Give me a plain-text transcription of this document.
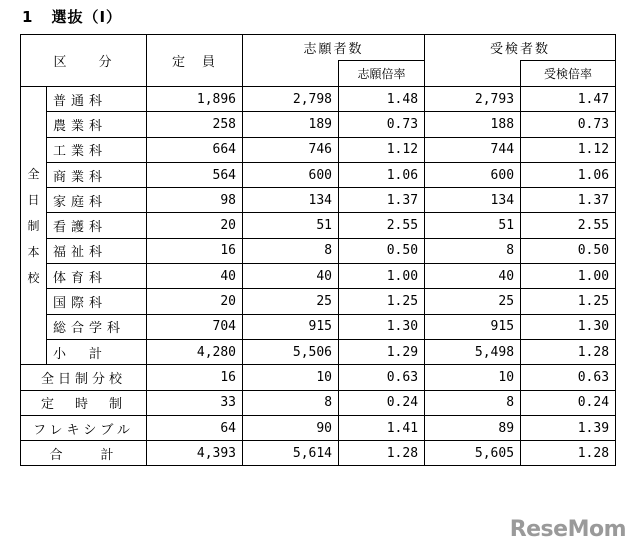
1 選抜（Ⅰ）
区　　分		定　員	志願者数		受検者数	
				志願倍率		受検倍率

全
日
制
本
校	普通科	1,896	2,798	1.48	2,793	1.47
	農業科	258	189	0.73	188	0.73
	工業科	664	746	1.12	744	1.12
	商業科	564	600	1.06	600	1.06
	家庭科	98	134	1.37	134	1.37
	看護科	20	51	2.55	51	2.55
	福祉科	16	8	0.50	8	0.50
	体育科	40	40	1.00	40	1.00
	国際科	20	25	1.25	25	1.25
	総合学科	704	915	1.30	915	1.30
	小　計	4,280	5,506	1.29	5,498	1.28
全日制分校		16	10	0.63	10	0.63
定　時　制		33	8	0.24	8	0.24
フレキシブル		64	90	1.41	89	1.39
合　　計		4,393	5,614	1.28	5,605	1.28
ReseMom
